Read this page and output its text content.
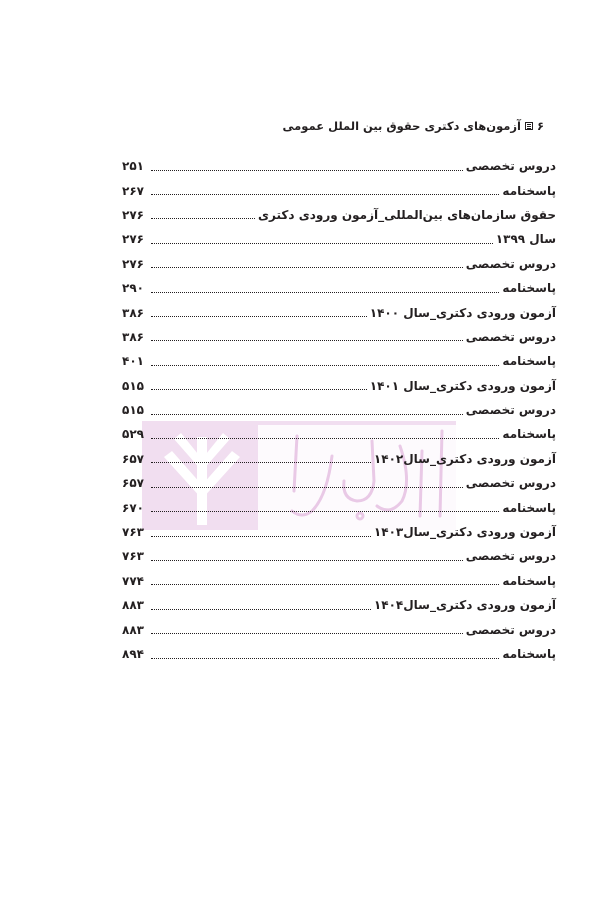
۶
آزمون‌های دکتری حقوق بین الملل عمومی
دروس تخصصی
۲۵۱
پاسخنامه
۲۶۷
حقوق سازمان‌های بین‌المللی_آزمون ورودی دکتری
۲۷۶
سال ۱۳۹۹
۲۷۶
دروس تخصصی
۲۷۶
پاسخنامه
۲۹۰
آزمون ورودی دکتری_سال ۱۴۰۰
۳۸۶
دروس تخصصی
۳۸۶
پاسخنامه
۴۰۱
آزمون ورودی دکتری_سال ۱۴۰۱
۵۱۵
دروس تخصصی
۵۱۵
پاسخنامه
۵۲۹
آزمون ورودی دکتری_سال۱۴۰۲
۶۵۷
دروس تخصصی
۶۵۷
پاسخنامه
۶۷۰
آزمون ورودی دکتری_سال۱۴۰۳
۷۶۳
دروس تخصصی
۷۶۳
پاسخنامه
۷۷۴
آزمون ورودی دکتری_سال۱۴۰۴
۸۸۳
دروس تخصصی
۸۸۳
پاسخنامه
۸۹۴
